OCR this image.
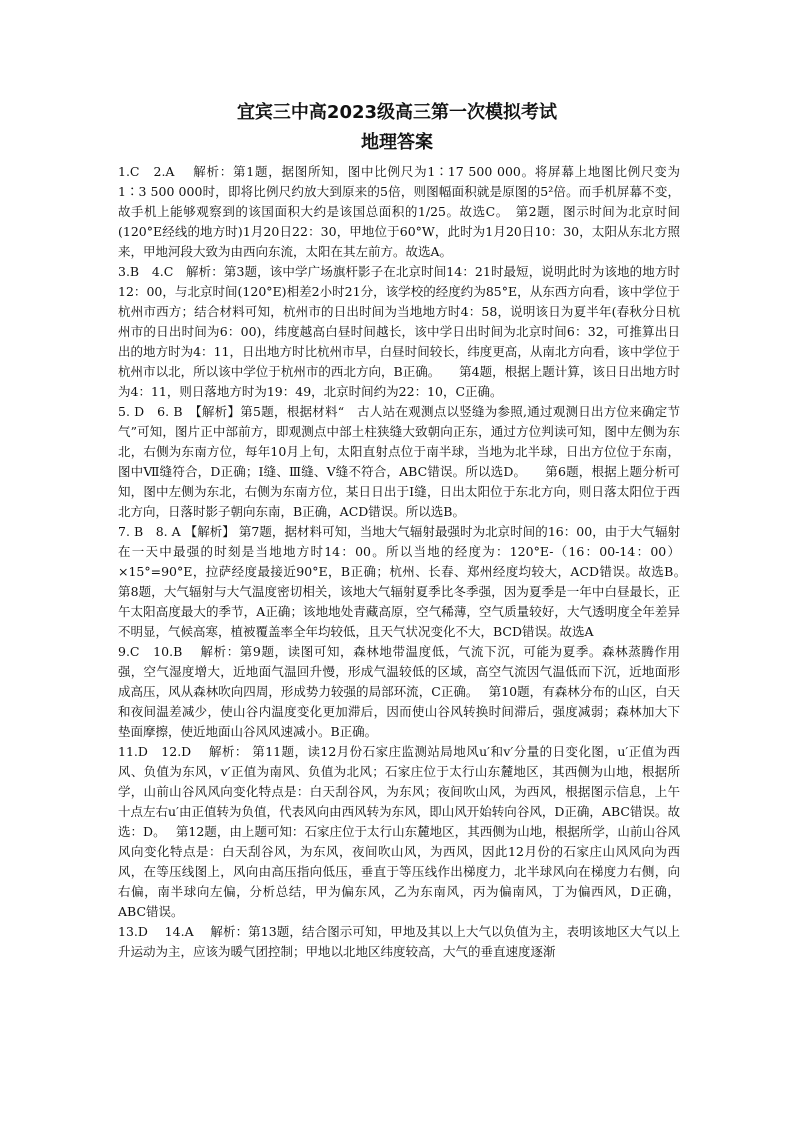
宜宾三中高2023级高三第一次模拟考试
地理答案

1.C　2.A　 解析：第1题，据图所知，图中比例尺为1∶17 500 000。将屏幕上地图比例尺变为1∶3 500 000时，即将比例尺约放大到原来的5倍，则图幅面积就是原图的5²倍。而手机屏幕不变，故手机上能够观察到的该国面积大约是该国总面积的1/25。故选C。　第2题，图示时间为北京时间(120°E经线的地方时)1月20日22：30，甲地位于60°W，此时为1月20日10：30，太阳从东北方照来，甲地河段大致为由西向东流，太阳在其左前方。故选A。

3.B　4.C　解析：第3题，该中学广场旗杆影子在北京时间14：21时最短，说明此时为该地的地方时12：00，与北京时间(120°E)相差2小时21分，该学校的经度约为85°E，从东西方向看，该中学位于杭州市西方；结合材料可知，杭州市的日出时间为当地地方时4：58，说明该日为夏半年(春秋分日杭州市的日出时间为6：00)，纬度越高白昼时间越长，该中学日出时间为北京时间6：32，可推算出日出的地方时为4：11，日出地方时比杭州市早，白昼时间较长，纬度更高，从南北方向看，该中学位于杭州市以北，所以该中学位于杭州市的西北方向，B正确。　　第4题，根据上题计算，该日日出地方时为4：11，则日落地方时为19：49，北京时间约为22：10，C正确。

5. D　6. B　【解析】第5题，根据材料“　古人站在观测点以竖缝为参照,通过观测日出方位来确定节气”可知，图片正中部前方，即观测点中部土柱狭缝大致朝向正东，通过方位判读可知，图中左侧为东北，右侧为东南方位，每年10月上旬，太阳直射点位于南半球，当地为北半球，日出方位位于东南，图中Ⅶ缝符合，D正确；Ⅰ缝、Ⅲ缝、Ⅴ缝不符合，ABC错误。所以选D。　　第6题，根据上题分析可知，图中左侧为东北，右侧为东南方位，某日日出于Ⅰ缝，日出太阳位于东北方向，则日落太阳位于西北方向，日落时影子朝向东南，B正确，ACD错误。所以选B。

7. B　8. A 【解析】 第7题，据材料可知，当地大气辐射最强时为北京时间的16：00，由于大气辐射在一天中最强的时刻是当地地方时14：00。所以当地的经度为：120°E-（16：00-14：00）×15°=90°E，拉萨经度最接近90°E，B正确；杭州、长春、郑州经度均较大，ACD错误。故选B。　 第8题，大气辐射与大气温度密切相关，该地大气辐射夏季比冬季强，因为夏季是一年中白昼最长，正午太阳高度最大的季节，A正确；该地地处青藏高原，空气稀薄，空气质量较好，大气透明度全年差异不明显，气候高寒，植被覆盖率全年均较低，且天气状况变化不大，BCD错误。故选A

9.C　10.B　 解析：第9题，读图可知，森林地带温度低，气流下沉，可能为夏季。森林蒸腾作用强，空气湿度增大，近地面气温回升慢，形成气温较低的区域，高空气流因气温低而下沉，近地面形成高压，风从森林吹向四周，形成势力较强的局部环流，C正确。　 第10题，有森林分布的山区，白天和夜间温差减少，使山谷内温度变化更加滞后，因而使山谷风转换时间滞后，强度减弱；森林加大下垫面摩擦，使近地面山谷风风速减小。B正确。

11.D　12.D　 解析： 第11题，读12月份石家庄监测站局地风u′和v′分量的日变化图，u′正值为西风、负值为东风，v′正值为南风、负值为北风；石家庄位于太行山东麓地区，其西侧为山地，根据所学，山前山谷风风向变化特点是：白天刮谷风，为东风；夜间吹山风，为西风，根据图示信息，上午十点左右u′由正值转为负值，代表风向由西风转为东风，即山风开始转向谷风，D正确，ABC错误。故选：D。　 第12题，由上题可知：石家庄位于太行山东麓地区，其西侧为山地，根据所学，山前山谷风风向变化特点是：白天刮谷风，为东风，夜间吹山风，为西风，因此12月份的石家庄山风风向为西风，在等压线图上，风向由高压指向低压，垂直于等压线作出梯度力，北半球风向在梯度力右侧，向右偏，南半球向左偏，分析总结，甲为偏东风，乙为东南风，丙为偏南风，丁为偏西风，D正确，ABC错误。

13.D　 14.A　 解析：第13题，结合图示可知，甲地及其以上大气以负值为主，表明该地区大气以上升运动为主，应该为暖气团控制；甲地以北地区纬度较高，大气的垂直速度逐渐
